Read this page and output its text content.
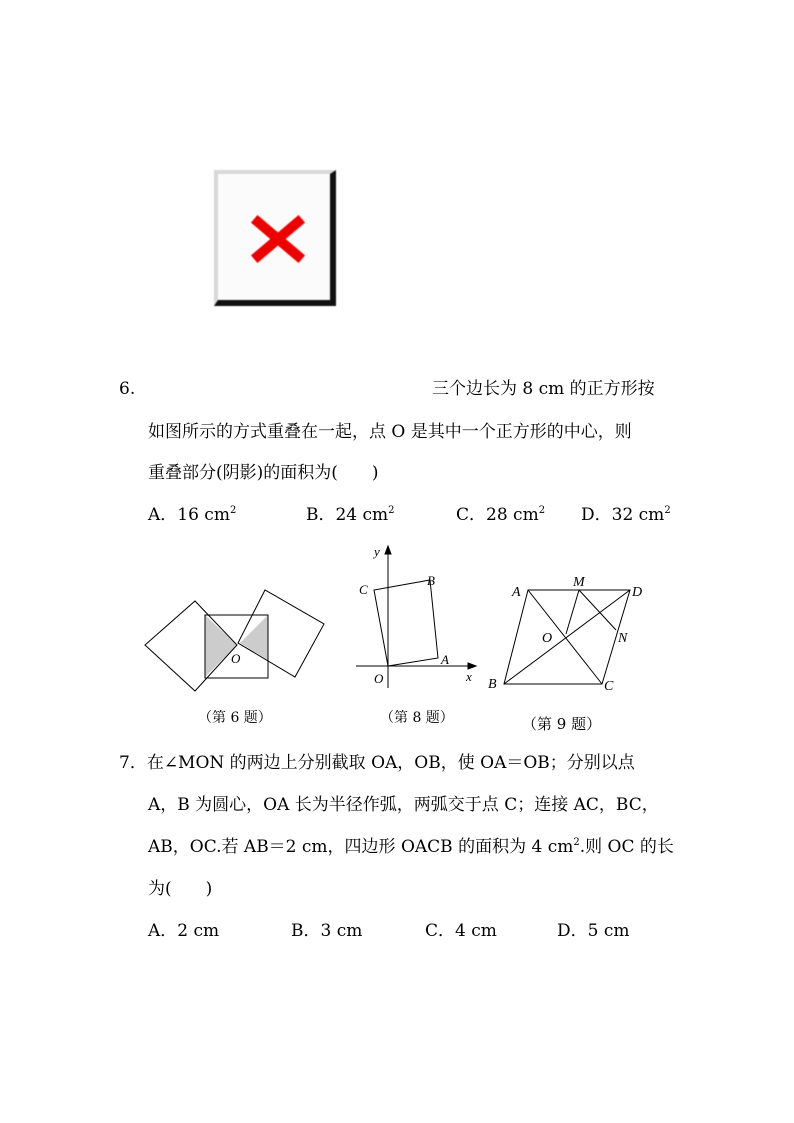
6.	三个边长为 8 cm 的正方形按
如图所示的方式重叠在一起，点 O 是其中一个正方形的中心，则
重叠部分(阴影)的面积为(　　)
A．16 $cm^2$	B．24 $cm^2$	C．28 $cm^2$ D．32 $cm^2$
O
（第 6 题）
y
x
O
A
B
C
（第 8 题）
A
M
D
O	N
B	C
（第 9 题）
7．在∠MON 的两边上分别截取 OA，OB，使 OA＝OB；分别以点
A，B 为圆心，OA 长为半径作弧，两弧交于点 C；连接 AC，BC，
AB，OC.若 AB＝2 cm，四边形 OACB 的面积为 4 $cm^2$.则 OC 的长
为(　　)
A．2 cm	B．3 cm	C．4 cm	D．5 cm
